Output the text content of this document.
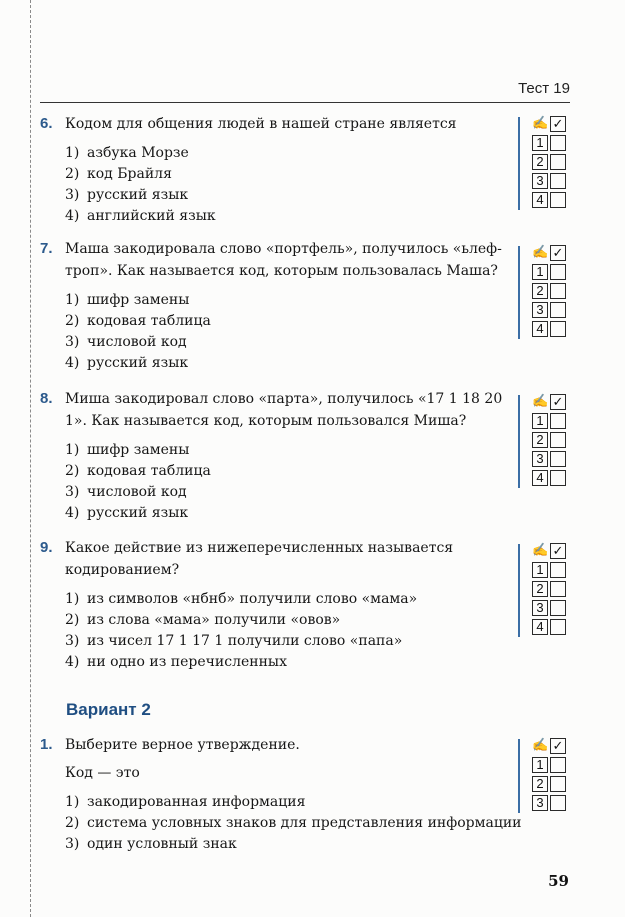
Тест 19
6. Кодом для общения людей в нашей стране является
1) азбука Морзе
2) код Брайля
3) русский язык
4) английский язык
✍ ✓
1
2
3
4
7. Маша закодировала слово «портфель», получилось «ьлеф-троп». Как называется код, которым пользовалась Маша?
1) шифр замены
2) кодовая таблица
3) числовой код
4) русский язык
✍ ✓
1
2
3
4
8. Миша закодировал слово «парта», получилось «17 1 18 20 1». Как называется код, которым пользовался Миша?
1) шифр замены
2) кодовая таблица
3) числовой код
4) русский язык
✍ ✓
1
2
3
4
9. Какое действие из нижеперечисленных называется кодированием?
1) из символов «нбнб» получили слово «мама»
2) из слова «мама» получили «овов»
3) из чисел 17 1 17 1 получили слово «папа»
4) ни одно из перечисленных
✍ ✓
1
2
3
4
Вариант 2
1. Выберите верное утверждение.
Код — это
1) закодированная информация
2) система условных знаков для представления информации
3) один условный знак
✍ ✓
1
2
3
59
